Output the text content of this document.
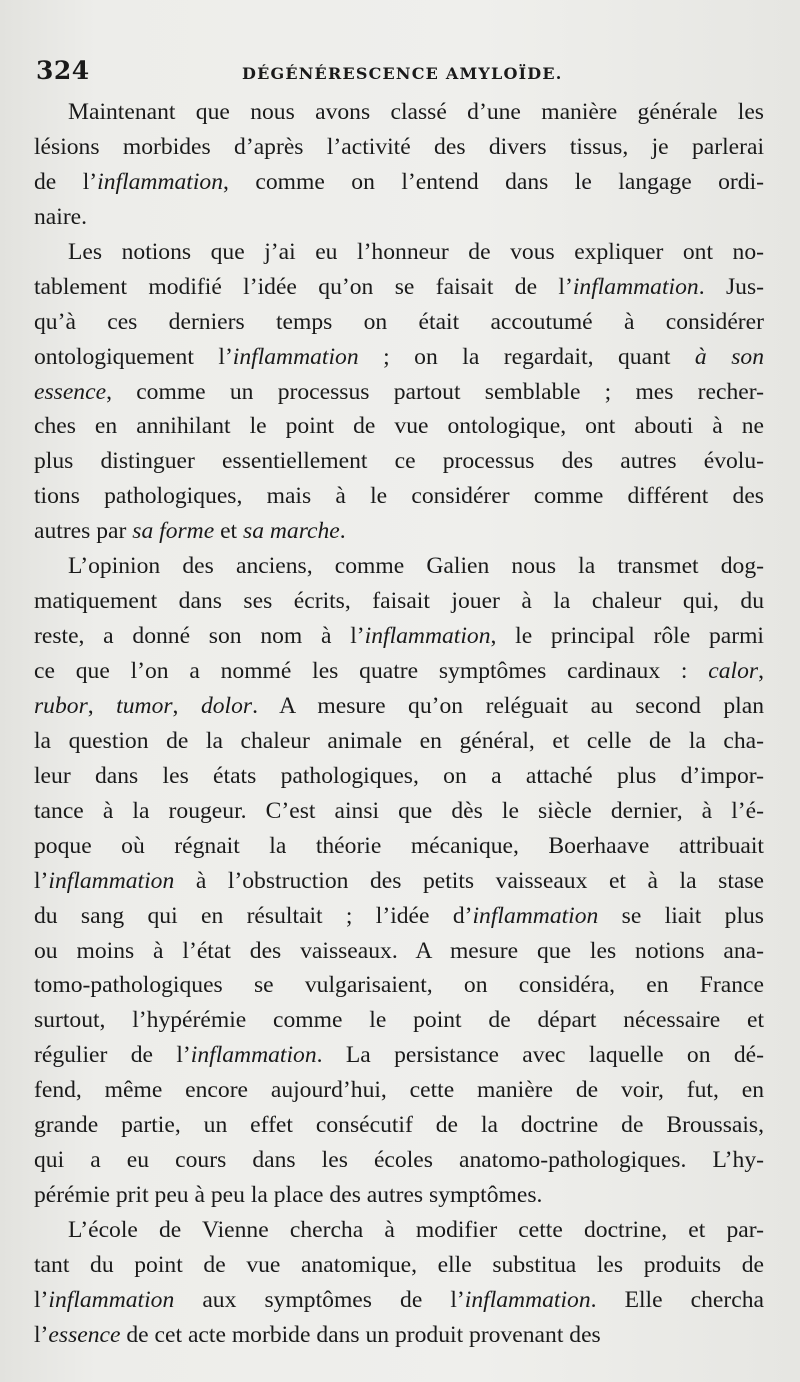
324	DÉGÉNÉRESCENCE AMYLOÏDE.
Maintenant que nous avons classé d’une manière générale les
lésions morbides d’après l’activité des divers tissus, je parlerai
de l’inflammation, comme on l’entend dans le langage ordi-
naire.
Les notions que j’ai eu l’honneur de vous expliquer ont no-
tablement modifié l’idée qu’on se faisait de l’inflammation. Jus-
qu’à ces derniers temps on était accoutumé à considérer
ontologiquement l’inflammation ; on la regardait, quant à son
essence, comme un processus partout semblable ; mes recher-
ches en annihilant le point de vue ontologique, ont abouti à ne
plus distinguer essentiellement ce processus des autres évolu-
tions pathologiques, mais à le considérer comme différent des
autres par sa forme et sa marche.
L’opinion des anciens, comme Galien nous la transmet dog-
matiquement dans ses écrits, faisait jouer à la chaleur qui, du
reste, a donné son nom à l’inflammation, le principal rôle parmi
ce que l’on a nommé les quatre symptômes cardinaux : calor,
rubor, tumor, dolor. A mesure qu’on reléguait au second plan
la question de la chaleur animale en général, et celle de la cha-
leur dans les états pathologiques, on a attaché plus d’impor-
tance à la rougeur. C’est ainsi que dès le siècle dernier, à l’é-
poque où régnait la théorie mécanique, Boerhaave attribuait
l’inflammation à l’obstruction des petits vaisseaux et à la stase
du sang qui en résultait ; l’idée d’inflammation se liait plus
ou moins à l’état des vaisseaux. A mesure que les notions ana-
tomo-pathologiques se vulgarisaient, on considéra, en France
surtout, l’hypérémie comme le point de départ nécessaire et
régulier de l’inflammation. La persistance avec laquelle on dé-
fend, même encore aujourd’hui, cette manière de voir, fut, en
grande partie, un effet consécutif de la doctrine de Broussais,
qui a eu cours dans les écoles anatomo-pathologiques. L’hy-
pérémie prit peu à peu la place des autres symptômes.
L’école de Vienne chercha à modifier cette doctrine, et par-
tant du point de vue anatomique, elle substitua les produits de
l’inflammation aux symptômes de l’inflammation. Elle chercha
l’essence de cet acte morbide dans un produit provenant des
